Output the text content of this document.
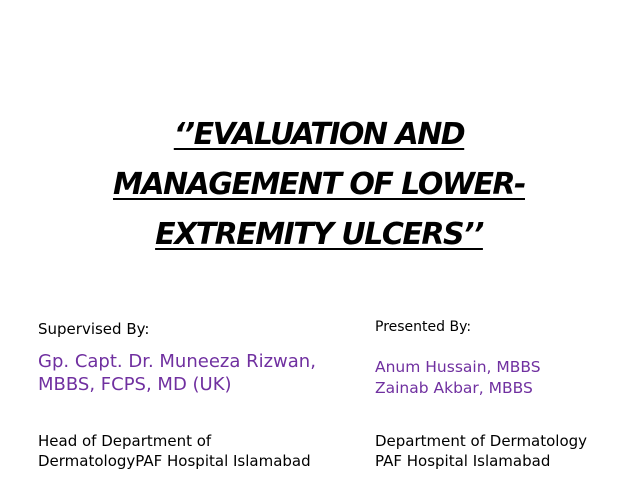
‘’EVALUATION AND
MANAGEMENT OF LOWER-
EXTREMITY ULCERS’’
Supervised By:
Gp. Capt. Dr. Muneeza Rizwan,
MBBS, FCPS, MD (UK)
Head of Department of
DermatologyPAF Hospital Islamabad
Presented By:
Anum Hussain, MBBS
Zainab Akbar, MBBS
Department of Dermatology
PAF Hospital Islamabad
